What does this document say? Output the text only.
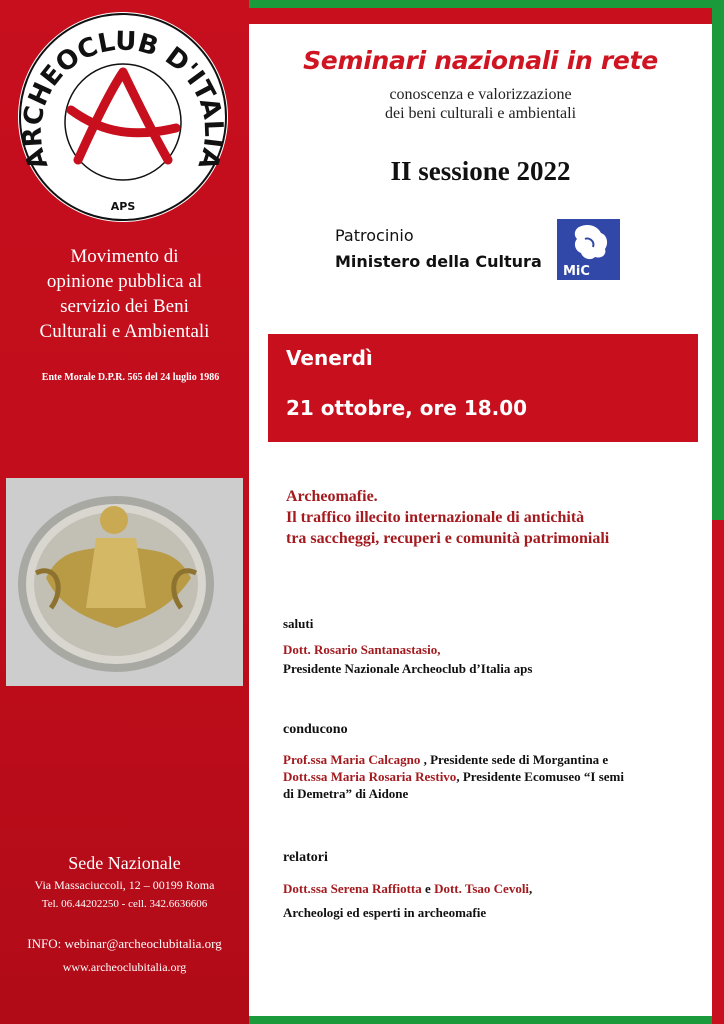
ARCHEOCLUB D'ITALIA
APS
Movimento di
opinione pubblica al
servizio dei Beni
Culturali e Ambientali
Ente Morale D.P.R. 565 del 24 luglio 1986
Sede Nazionale
Via Massaciuccoli, 12 – 00199 Roma
Tel. 06.44202250 - cell. 342.6636606
INFO: webinar@archeoclubitalia.org
www.archeoclubitalia.org
Seminari nazionali in rete
conoscenza e valorizzazione
dei beni culturali e ambientali
II sessione 2022
Patrocinio
Ministero della Cultura
MiC
Venerdì
21 ottobre, ore 18.00
Archeomafie.
Il traffico illecito internazionale di antichità
tra saccheggi, recuperi e comunità patrimoniali
saluti
Dott. Rosario Santanastasio,
Presidente Nazionale Archeoclub d’Italia aps
conducono
Prof.ssa Maria Calcagno , Presidente sede di Morgantina e
Dott.ssa Maria Rosaria Restivo, Presidente Ecomuseo “I semi
di Demetra” di Aidone
relatori
Dott.ssa Serena Raffiotta e Dott. Tsao Cevoli,
Archeologi ed esperti in archeomafie
